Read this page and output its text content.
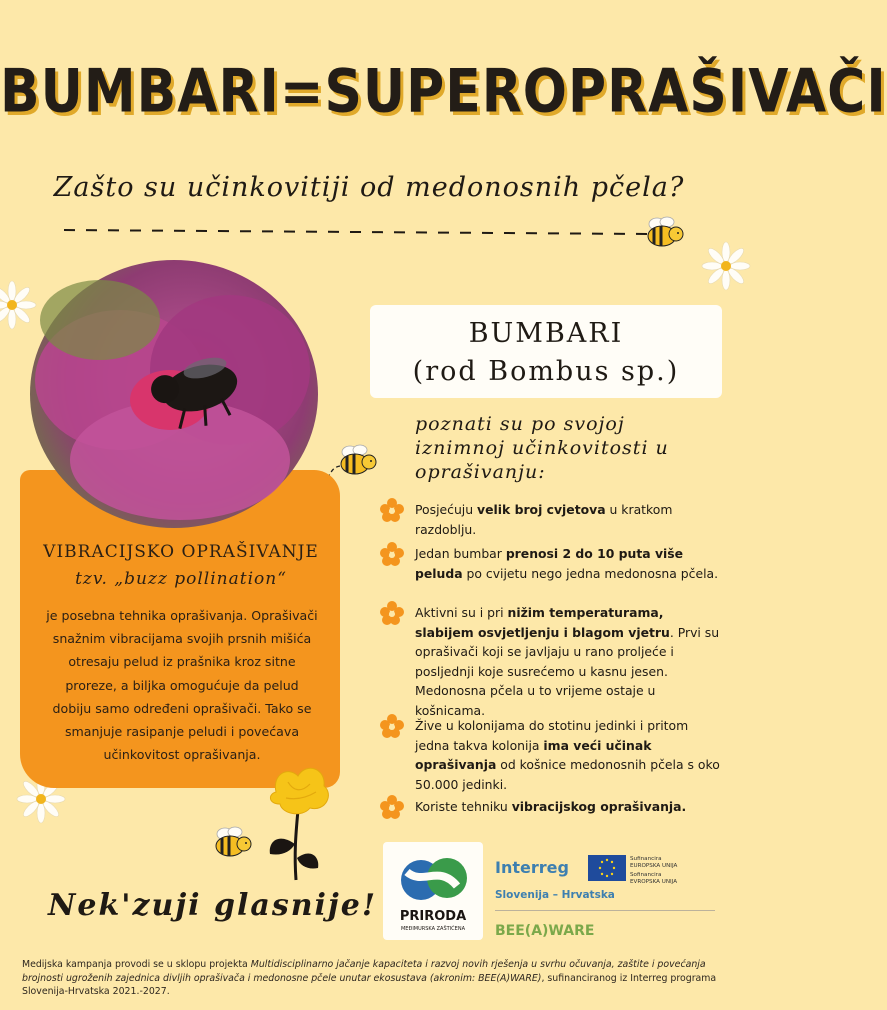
BUMBARI=SUPEROPRAŠIVAČI
Zašto su učinkovitiji od medonosnih pčela?
VIBRACIJSKO OPRAŠIVANJE
tzv. „buzz pollination“
je posebna tehnika oprašivanja. Oprašivači snažnim vibracijama svojih prsnih mišića otresaju pelud iz prašnika kroz sitne proreze, a biljka omogućuje da pelud dobiju samo određeni oprašivači. Tako se smanjuje rasipanje peludi i povećava učinkovitost oprašivanja.
BUMBARI
(rod Bombus sp.)
poznati su po svojoj iznimnoj učinkovitosti u oprašivanju:
Posjećuju velik broj cvjetova u kratkom razdoblju.
Jedan bumbar prenosi 2 do 10 puta više peluda po cvijetu nego jedna medonosna pčela.
Aktivni su i pri nižim temperaturama, slabijem osvjetljenju i blagom vjetru. Prvi su oprašivači koji se javljaju u rano proljeće i posljednji koje susrećemo u kasnu jesen. Medonosna pčela u to vrijeme ostaje u košnicama.
Žive u kolonijama do stotinu jedinki i pritom jedna takva kolonija ima veći učinak oprašivanja od košnice medonosnih pčela s oko 50.000 jedinki.
Koriste tehniku vibracijskog oprašivanja.
Nek'zuji glasnije! PRIRODA
MEĐIMURSKA ZAŠTIĆENA
Interreg	Sufinancira EUROPSKA UNIJA
Sofinancira EVROPSKA UNIJA
Slovenija – Hrvatska
BEE(A)WARE
Medijska kampanja provodi se u sklopu projekta Multidisciplinarno jačanje kapaciteta i razvoj novih rješenja u svrhu očuvanja, zaštite i povećanja brojnosti ugroženih zajednica divljih oprašivača i medonosne pčele unutar ekosustava (akronim: BEE(A)WARE), sufinanciranog iz Interreg programa Slovenija-Hrvatska 2021.-2027.
